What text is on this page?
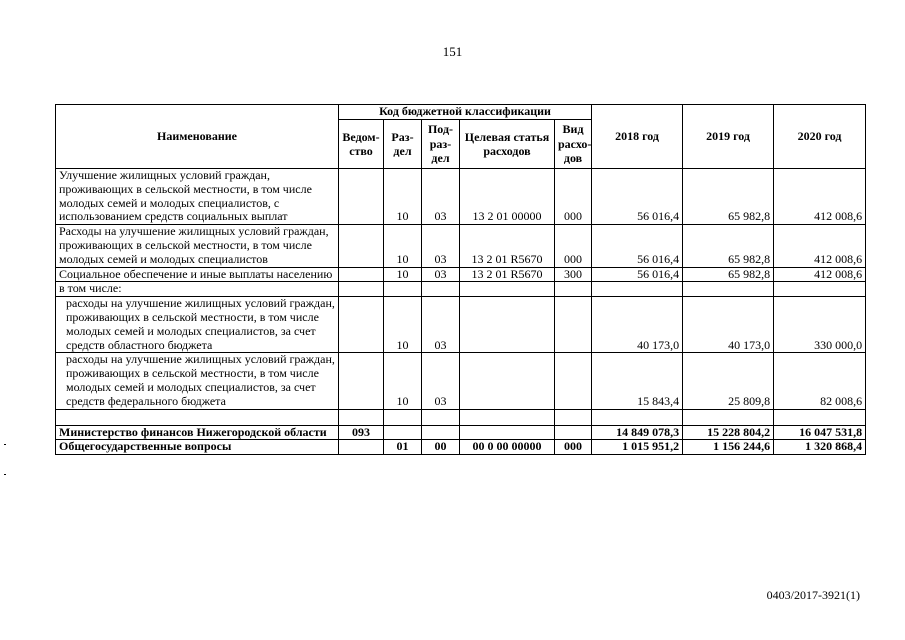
151
Наименование	Код бюджетной классификации					2018 год	2019 год	2020 год
	Ведом-ство	Раз-дел	Под-раз-дел	Целевая статья расходов	Вид расхо-дов			
Улучшение жилищных условий граждан, проживающих в сельской местности, в том числе молодых семей и молодых специалистов, с использованием средств социальных выплат		10	03	13 2 01 00000	000	56 016,4	65 982,8	412 008,6
Расходы на улучшение жилищных условий граждан, проживающих в сельской местности, в том числе молодых семей и молодых специалистов		10	03	13 2 01 R5670	000	56 016,4	65 982,8	412 008,6
Социальное обеспечение и иные выплаты населению		10	03	13 2 01 R5670	300	56 016,4	65 982,8	412 008,6
в том числе:								
расходы на улучшение жилищных условий граждан, проживающих в сельской местности, в том числе молодых семей и молодых специалистов, за счет средств областного бюджета		10	03			40 173,0	40 173,0	330 000,0
расходы на улучшение жилищных условий граждан, проживающих в сельской местности, в том числе молодых семей и молодых специалистов, за счет средств федерального бюджета		10	03			15 843,4	25 809,8	82 008,6

Министерство финансов Нижегородской области	093					14 849 078,3	15 228 804,2	16 047 531,8
Общегосударственные вопросы		01	00	00 0 00 00000	000	1 015 951,2	1 156 244,6	1 320 868,4
0403/2017-3921(1)
